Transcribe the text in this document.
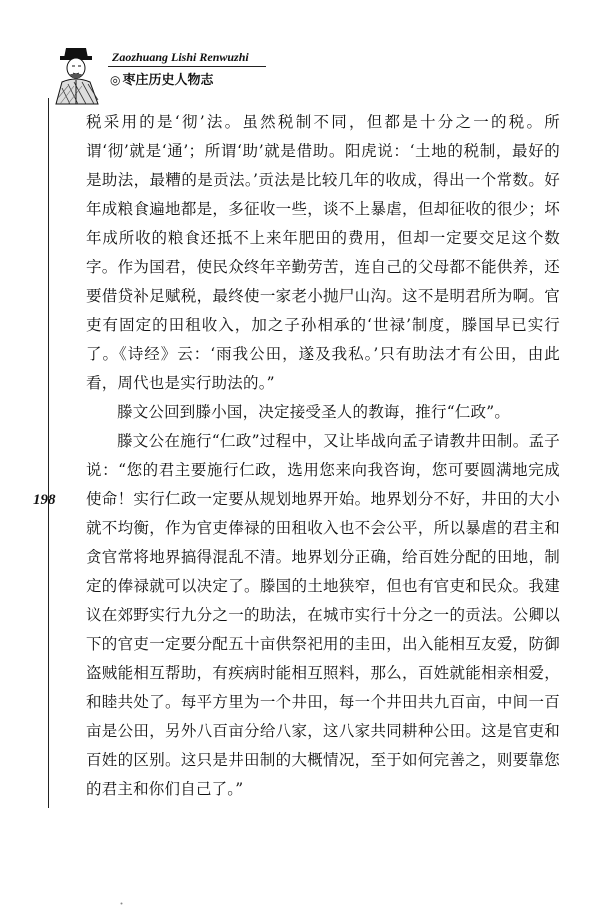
Zaozhuang Lishi Renwuzhi
◎ 枣庄历史人物志
198

税采用的是‘彻’法。虽然税制不同，但都是十分之一的税。所谓‘彻’就是‘通’；所谓‘助’就是借助。阳虎说：‘土地的税制，最好的是助法，最糟的是贡法。’贡法是比较几年的收成，得出一个常数。好年成粮食遍地都是，多征收一些，谈不上暴虐，但却征收的很少；坏年成所收的粮食还抵不上来年肥田的费用，但却一定要交足这个数字。作为国君，使民众终年辛勤劳苦，连自己的父母都不能供养，还要借贷补足赋税，最终使一家老小抛尸山沟。这不是明君所为啊。官吏有固定的田租收入，加之子孙相承的‘世禄’制度，滕国早已实行了。《诗经》云：‘雨我公田，遂及我私。’只有助法才有公田，由此看，周代也是实行助法的。”

滕文公回到滕小国，决定接受圣人的教诲，推行“仁政”。

滕文公在施行“仁政”过程中，又让毕战向孟子请教井田制。孟子说：“您的君主要施行仁政，选用您来向我咨询，您可要圆满地完成使命！实行仁政一定要从规划地界开始。地界划分不好，井田的大小就不均衡，作为官吏俸禄的田租收入也不会公平，所以暴虐的君主和贪官常将地界搞得混乱不清。地界划分正确，给百姓分配的田地，制定的俸禄就可以决定了。滕国的土地狭窄，但也有官吏和民众。我建议在郊野实行九分之一的助法，在城市实行十分之一的贡法。公卿以下的官吏一定要分配五十亩供祭祀用的圭田，出入能相互友爱，防御盗贼能相互帮助，有疾病时能相互照料，那么，百姓就能相亲相爱，和睦共处了。每平方里为一个井田，每一个井田共九百亩，中间一百亩是公田，另外八百亩分给八家，这八家共同耕种公田。这是官吏和百姓的区别。这只是井田制的大概情况，至于如何完善之，则要靠您的君主和你们自己了。”
